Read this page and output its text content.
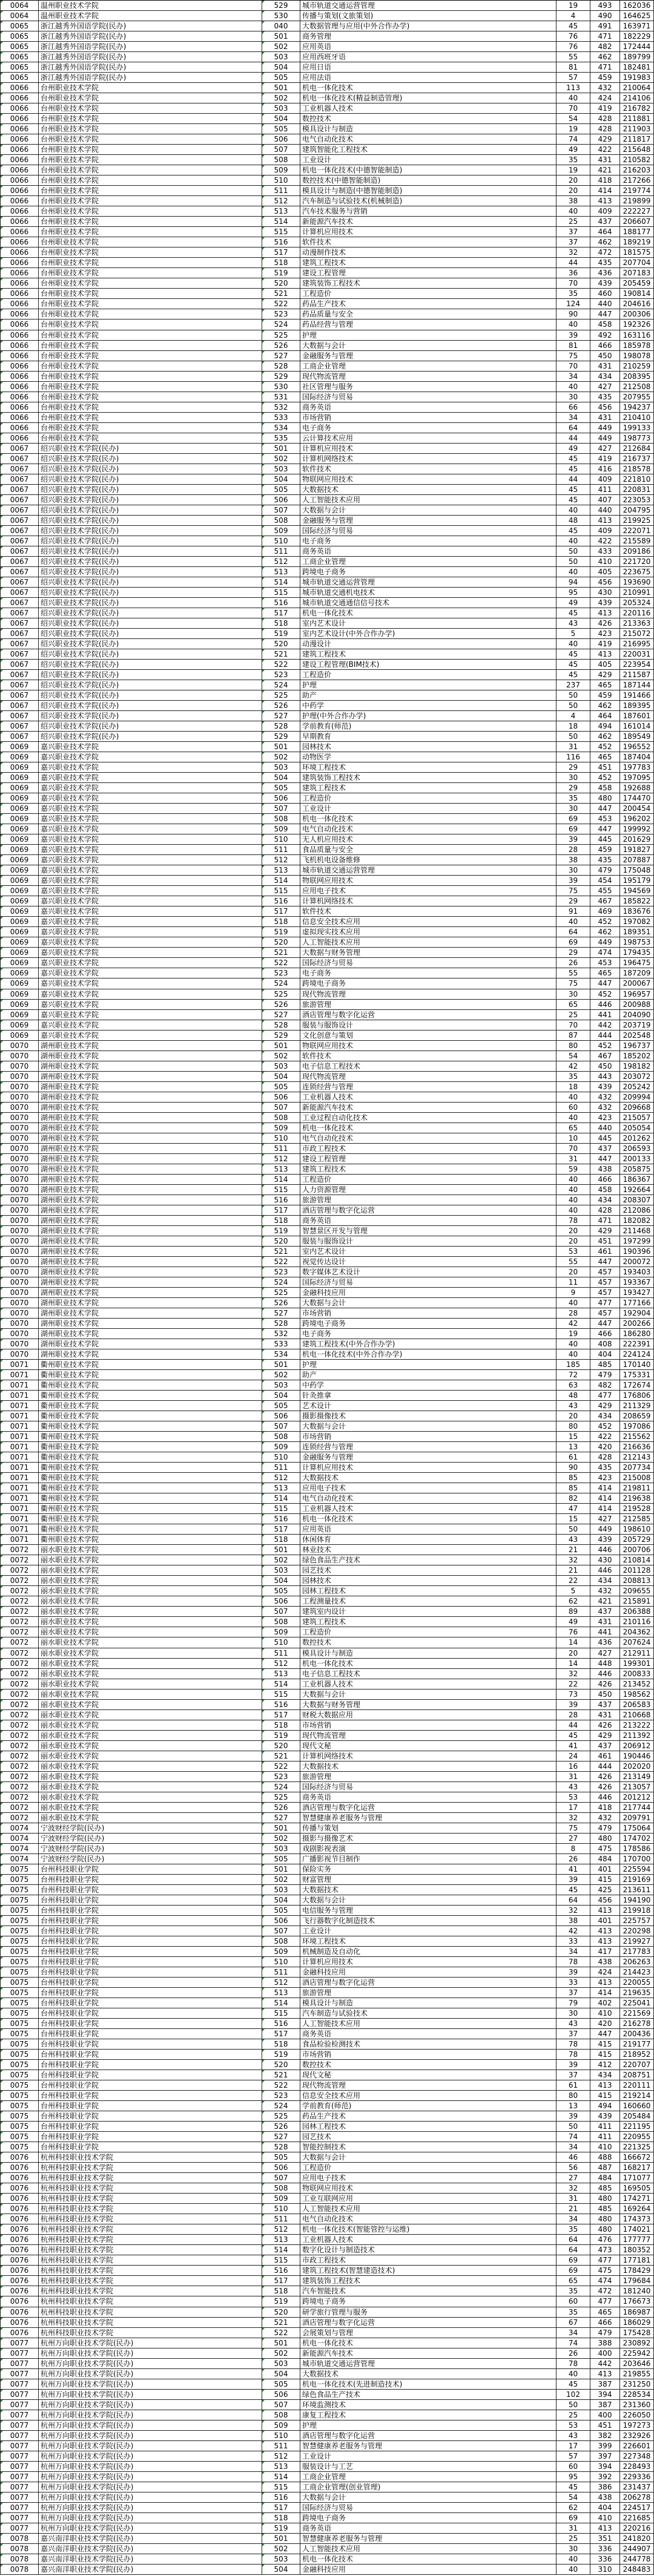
0064	温州职业技术学院	529	城市轨道交通运营管理	19	493	162036
0064	温州职业技术学院	530	传播与策划(文旅策划)	4	490	164625
0065	浙江越秀外国语学院(民办)	040	大数据管理与应用(中外合作办学)	45	491	163971
0065	浙江越秀外国语学院(民办)	501	商务管理	76	471	182229
0065	浙江越秀外国语学院(民办)	502	应用英语	76	482	172444
0065	浙江越秀外国语学院(民办)	503	应用西班牙语	55	462	189799
0065	浙江越秀外国语学院(民办)	504	应用日语	81	471	182481
0065	浙江越秀外国语学院(民办)	505	应用法语	57	459	191983
0066	台州职业技术学院	501	机电一体化技术	113	432	210064
0066	台州职业技术学院	502	机电一体化技术(精益制造管理)	40	424	214106
0066	台州职业技术学院	503	工业机器人技术	70	419	216782
0066	台州职业技术学院	504	数控技术	54	428	211881
0066	台州职业技术学院	505	模具设计与制造	19	428	211903
0066	台州职业技术学院	506	电气自动化技术	74	429	211817
0066	台州职业技术学院	507	建筑智能化工程技术	49	422	215648
0066	台州职业技术学院	508	工业设计	35	431	210582
0066	台州职业技术学院	509	机电一体化技术(中德智能制造)	19	421	216203
0066	台州职业技术学院	510	数控技术(中德智能制造)	20	418	217266
0066	台州职业技术学院	511	模具设计与制造(中德智能制造)	20	414	219774
0066	台州职业技术学院	512	汽车制造与试验技术(机械制造)	38	413	219899
0066	台州职业技术学院	513	汽车技术服务与营销	40	409	222227
0066	台州职业技术学院	514	新能源汽车技术	25	437	206607
0066	台州职业技术学院	515	计算机应用技术	37	464	188177
0066	台州职业技术学院	516	软件技术	37	462	189219
0066	台州职业技术学院	517	动漫制作技术	32	472	181575
0066	台州职业技术学院	518	建筑工程技术	44	435	207704
0066	台州职业技术学院	519	建设工程管理	36	436	207183
0066	台州职业技术学院	520	建筑装饰工程技术	70	439	205459
0066	台州职业技术学院	521	工程造价	35	460	190814
0066	台州职业技术学院	522	药品生产技术	124	440	204616
0066	台州职业技术学院	523	药品质量与安全	90	447	200306
0066	台州职业技术学院	524	药品经营与管理	40	458	192326
0066	台州职业技术学院	525	护理	39	492	163116
0066	台州职业技术学院	526	大数据与会计	81	466	185978
0066	台州职业技术学院	527	金融服务与管理	75	450	198078
0066	台州职业技术学院	528	工商企业管理	70	431	210259
0066	台州职业技术学院	529	现代物流管理	34	434	208395
0066	台州职业技术学院	530	社区管理与服务	40	427	212508
0066	台州职业技术学院	531	国际经济与贸易	30	435	207955
0066	台州职业技术学院	532	商务英语	66	456	194237
0066	台州职业技术学院	533	市场营销	34	431	210410
0066	台州职业技术学院	534	电子商务	64	449	199133
0066	台州职业技术学院	535	云计算技术应用	44	449	198773
0067	绍兴职业技术学院(民办)	501	计算机应用技术	49	427	212684
0067	绍兴职业技术学院(民办)	502	计算机网络技术	45	419	216737
0067	绍兴职业技术学院(民办)	503	软件技术	45	416	218578
0067	绍兴职业技术学院(民办)	504	物联网应用技术	44	409	221810
0067	绍兴职业技术学院(民办)	505	大数据技术	45	411	220831
0067	绍兴职业技术学院(民办)	506	人工智能技术应用	45	407	223053
0067	绍兴职业技术学院(民办)	507	大数据与会计	40	440	204795
0067	绍兴职业技术学院(民办)	508	金融服务与管理	48	413	219925
0067	绍兴职业技术学院(民办)	509	国际经济与贸易	45	409	222071
0067	绍兴职业技术学院(民办)	510	电子商务	40	422	215589
0067	绍兴职业技术学院(民办)	511	商务英语	50	433	209186
0067	绍兴职业技术学院(民办)	512	工商企业管理	50	410	221720
0067	绍兴职业技术学院(民办)	513	跨境电子商务	40	405	223675
0067	绍兴职业技术学院(民办)	514	城市轨道交通运营管理	94	456	193690
0067	绍兴职业技术学院(民办)	515	城市轨道交通机电技术	95	430	210991
0067	绍兴职业技术学院(民办)	516	城市轨道交通通信信号技术	49	439	205324
0067	绍兴职业技术学院(民办)	517	机电一体化技术	45	413	220116
0067	绍兴职业技术学院(民办)	518	室内艺术设计	43	426	213363
0067	绍兴职业技术学院(民办)	519	室内艺术设计(中外合作办学)	5	423	215072
0067	绍兴职业技术学院(民办)	520	动漫设计	40	419	216995
0067	绍兴职业技术学院(民办)	521	建筑工程技术	45	413	220031
0067	绍兴职业技术学院(民办)	522	建设工程管理(BIM技术)	45	405	223954
0067	绍兴职业技术学院(民办)	523	工程造价	45	429	211587
0067	绍兴职业技术学院(民办)	524	护理	237	465	187144
0067	绍兴职业技术学院(民办)	525	助产	50	459	191466
0067	绍兴职业技术学院(民办)	526	中药学	50	462	189395
0067	绍兴职业技术学院(民办)	527	护理(中外合作办学)	4	464	187601
0067	绍兴职业技术学院(民办)	528	学前教育(师范)	18	494	161014
0067	绍兴职业技术学院(民办)	529	早期教育	50	462	189549
0069	嘉兴职业技术学院	501	园林技术	31	452	196552
0069	嘉兴职业技术学院	502	动物医学	116	465	187404
0069	嘉兴职业技术学院	503	环境工程技术	29	451	197783
0069	嘉兴职业技术学院	504	建筑装饰工程技术	30	452	197095
0069	嘉兴职业技术学院	505	建筑工程技术	29	458	192688
0069	嘉兴职业技术学院	506	工程造价	35	480	174470
0069	嘉兴职业技术学院	507	工业设计	30	447	200454
0069	嘉兴职业技术学院	508	机电一体化技术	69	453	196202
0069	嘉兴职业技术学院	509	电气自动化技术	69	447	199992
0069	嘉兴职业技术学院	510	无人机应用技术	39	445	201629
0069	嘉兴职业技术学院	511	食品质量与安全	28	459	191827
0069	嘉兴职业技术学院	512	飞机机电设备维修	38	435	207887
0069	嘉兴职业技术学院	513	城市轨道交通运营管理	30	479	175048
0069	嘉兴职业技术学院	514	物联网应用技术	39	454	195179
0069	嘉兴职业技术学院	515	应用电子技术	75	455	194569
0069	嘉兴职业技术学院	516	计算机网络技术	29	467	185822
0069	嘉兴职业技术学院	517	软件技术	91	469	183676
0069	嘉兴职业技术学院	518	信息安全技术应用	40	452	197082
0069	嘉兴职业技术学院	519	虚拟现实技术应用	64	462	189351
0069	嘉兴职业技术学院	520	人工智能技术应用	69	449	198753
0069	嘉兴职业技术学院	521	大数据与财务管理	29	474	179435
0069	嘉兴职业技术学院	522	国际经济与贸易	26	453	196475
0069	嘉兴职业技术学院	523	电子商务	55	465	187209
0069	嘉兴职业技术学院	524	跨境电子商务	75	447	200067
0069	嘉兴职业技术学院	525	现代物流管理	30	452	196957
0069	嘉兴职业技术学院	526	旅游管理	65	446	200988
0069	嘉兴职业技术学院	527	酒店管理与数字化运营	25	441	204090
0069	嘉兴职业技术学院	528	服装与服饰设计	70	442	203719
0069	嘉兴职业技术学院	529	文化创意与策划	87	444	202548
0070	湖州职业技术学院	501	物联网应用技术	80	452	196737
0070	湖州职业技术学院	502	软件技术	54	467	185202
0070	湖州职业技术学院	503	电子信息工程技术	42	450	198182
0070	湖州职业技术学院	504	现代物流管理	35	443	203072
0070	湖州职业技术学院	505	连锁经营与管理	18	439	205242
0070	湖州职业技术学院	506	工业机器人技术	40	432	209994
0070	湖州职业技术学院	507	新能源汽车技术	60	432	209668
0070	湖州职业技术学院	508	工业过程自动化技术	40	423	215057
0070	湖州职业技术学院	509	机电一体化技术	65	440	205054
0070	湖州职业技术学院	510	电气自动化技术	10	445	201262
0070	湖州职业技术学院	511	市政工程技术	70	437	206593
0070	湖州职业技术学院	512	建设工程管理	31	447	200133
0070	湖州职业技术学院	513	建筑工程技术	59	438	205875
0070	湖州职业技术学院	514	工程造价	40	466	186367
0070	湖州职业技术学院	515	人力资源管理	40	458	192664
0070	湖州职业技术学院	516	旅游管理	40	434	208307
0070	湖州职业技术学院	517	酒店管理与数字化运营	40	428	212086
0070	湖州职业技术学院	518	商务英语	78	471	182082
0070	湖州职业技术学院	519	智慧景区开发与管理	20	429	211468
0070	湖州职业技术学院	520	服装与服饰设计	20	451	197299
0070	湖州职业技术学院	521	室内艺术设计	53	461	190396
0070	湖州职业技术学院	522	视觉传达设计	55	447	200072
0070	湖州职业技术学院	523	数字媒体艺术设计	20	457	193403
0070	湖州职业技术学院	524	国际经济与贸易	11	457	193367
0070	湖州职业技术学院	525	金融科技应用	9	457	193427
0070	湖州职业技术学院	526	大数据与会计	40	477	177166
0070	湖州职业技术学院	527	市场营销	28	457	192904
0070	湖州职业技术学院	528	跨境电子商务	42	447	200266
0070	湖州职业技术学院	532	电子商务	19	466	186280
0070	湖州职业技术学院	533	建筑工程技术(中外合作办学)	40	408	222391
0070	湖州职业技术学院	534	机电一体化技术(中外合作办学)	40	404	224124
0071	衢州职业技术学院	501	护理	185	485	170140
0071	衢州职业技术学院	502	助产	72	479	175331
0071	衢州职业技术学院	503	中药学	63	482	172674
0071	衢州职业技术学院	504	针灸推拿	48	477	176806
0071	衢州职业技术学院	505	艺术设计	43	429	211329
0071	衢州职业技术学院	506	摄影摄像技术	20	434	208659
0071	衢州职业技术学院	507	大数据与会计	80	452	197086
0071	衢州职业技术学院	508	市场营销	15	422	215562
0071	衢州职业技术学院	509	连锁经营与管理	13	420	216636
0071	衢州职业技术学院	510	金融服务与管理	61	428	212143
0071	衢州职业技术学院	511	计算机应用技术	90	435	207734
0071	衢州职业技术学院	512	大数据技术	85	423	215008
0071	衢州职业技术学院	513	应用电子技术	85	414	219811
0071	衢州职业技术学院	514	电气自动化技术	82	414	219638
0071	衢州职业技术学院	515	工业机器人技术	47	414	219528
0071	衢州职业技术学院	516	机电一体化技术	15	427	212585
0071	衢州职业技术学院	517	应用英语	50	449	198610
0071	衢州职业技术学院	518	休闲体育	43	439	205729
0072	丽水职业技术学院	501	林业技术	21	446	200706
0072	丽水职业技术学院	502	绿色食品生产技术	32	430	210814
0072	丽水职业技术学院	503	园艺技术	21	446	201128
0072	丽水职业技术学院	504	园林技术	22	434	208813
0072	丽水职业技术学院	505	园林工程技术	5	432	209655
0072	丽水职业技术学院	506	工程测量技术	62	421	215891
0072	丽水职业技术学院	507	建筑室内设计	89	437	206388
0072	丽水职业技术学院	508	建筑工程技术	49	431	210116
0072	丽水职业技术学院	509	工程造价	76	441	204362
0072	丽水职业技术学院	510	数控技术	14	436	207624
0072	丽水职业技术学院	511	模具设计与制造	20	427	212911
0072	丽水职业技术学院	512	机电一体化技术	14	448	199301
0072	丽水职业技术学院	513	电子信息工程技术	32	446	200833
0072	丽水职业技术学院	514	工业机器人技术	22	426	213452
0072	丽水职业技术学院	515	大数据与会计	73	450	198562
0072	丽水职业技术学院	516	大数据与财务管理	39	437	206583
0072	丽水职业技术学院	517	财税大数据应用	28	431	210668
0072	丽水职业技术学院	518	市场营销	44	426	213222
0072	丽水职业技术学院	519	现代物流管理	45	429	211392
0072	丽水职业技术学院	520	现代文秘	41	437	206912
0072	丽水职业技术学院	521	计算机网络技术	24	461	190446
0072	丽水职业技术学院	522	大数据技术	16	444	202020
0072	丽水职业技术学院	523	旅游管理	31	426	213149
0072	丽水职业技术学院	524	国际经济与贸易	43	426	213057
0072	丽水职业技术学院	525	商务英语	53	446	201212
0072	丽水职业技术学院	526	酒店管理与数字化运营	17	418	217744
0072	丽水职业技术学院	527	智慧健康养老服务与管理	32	432	209791
0074	宁波财经学院(民办)	501	传播与策划	75	479	175064
0074	宁波财经学院(民办)	502	摄影与摄像艺术	27	480	174702
0074	宁波财经学院(民办)	503	戏剧影视表演	8	475	178586
0074	宁波财经学院(民办)	505	广播影视节目制作	26	484	170700
0075	台州科技职业学院	501	保险实务	41	401	225594
0075	台州科技职业学院	502	财富管理	39	415	219169
0075	台州科技职业学院	503	大数据技术	45	425	213611
0075	台州科技职业学院	504	大数据与会计	64	456	194190
0075	台州科技职业学院	505	电信服务与管理	32	413	219918
0075	台州科技职业学院	506	飞行器数字化制造技术	38	401	225757
0075	台州科技职业学院	507	工业设计	42	413	220298
0075	台州科技职业学院	508	环境工程技术	33	413	219927
0075	台州科技职业学院	509	机械制造及自动化	34	417	217783
0075	台州科技职业学院	510	计算机应用技术	78	438	206263
0075	台州科技职业学院	511	金融科技应用	39	424	214423
0075	台州科技职业学院	512	酒店管理与数字化运营	33	413	220055
0075	台州科技职业学院	513	旅游管理	37	414	219635
0075	台州科技职业学院	514	模具设计与制造	79	402	225041
0075	台州科技职业学院	515	汽车制造与试验技术	30	410	221569
0075	台州科技职业学院	516	人工智能技术应用	43	420	216278
0075	台州科技职业学院	517	商务英语	37	447	200436
0075	台州科技职业学院	518	食品检验检测技术	78	415	219177
0075	台州科技职业学院	519	市场营销	78	415	218952
0075	台州科技职业学院	520	数控技术	39	412	220707
0075	台州科技职业学院	521	现代文秘	37	434	208751
0075	台州科技职业学院	522	现代物流管理	61	413	220111
0075	台州科技职业学院	523	信息安全技术应用	80	415	219214
0075	台州科技职业学院	524	学前教育(师范)	13	494	160660
0075	台州科技职业学院	525	药品生产技术	39	439	205484
0075	台州科技职业学院	526	园林工程技术	50	411	221195
0075	台州科技职业学院	527	园艺技术	74	411	220955
0075	台州科技职业学院	528	智能控制技术	34	410	221325
0076	杭州科技职业技术学院	505	大数据与会计	46	488	166672
0076	杭州科技职业技术学院	506	工程造价	56	487	168217
0076	杭州科技职业技术学院	507	应用电子技术	27	484	171077
0076	杭州科技职业技术学院	508	物联网应用技术	32	485	169505
0076	杭州科技职业技术学院	509	工业互联网应用	31	480	174271
0076	杭州科技职业技术学院	510	人工智能技术应用	21	485	169264
0076	杭州科技职业技术学院	511	电气自动化技术	34	480	174373
0076	杭州科技职业技术学院	512	机电一体化技术(智能管控与运维)	35	480	174021
0076	杭州科技职业技术学院	513	工业机器人技术	64	476	177777
0076	杭州科技职业技术学院	514	数字化设计与制造技术	64	473	180352
0076	杭州科技职业技术学院	515	市政工程技术	69	477	177181
0076	杭州科技职业技术学院	516	建筑工程技术(智慧建造技术)	69	475	178429
0076	杭州科技职业技术学院	517	建筑装饰工程技术	65	474	179684
0076	杭州科技职业技术学院	518	汽车智能技术	35	472	181240
0076	杭州科技职业技术学院	519	跨境电子商务	60	477	176673
0076	杭州科技职业技术学院	520	研学旅行管理与服务	35	465	186987
0076	杭州科技职业技术学院	521	酒店管理与数字化运营	67	466	186029
0076	杭州科技职业技术学院	522	会展策划与管理	34	479	175428
0077	杭州万向职业技术学院(民办)	501	机电一体化技术	74	388	230892
0077	杭州万向职业技术学院(民办)	502	新能源汽车技术	26	400	225942
0077	杭州万向职业技术学院(民办)	503	城市轨道交通运营管理	78	442	203646
0077	杭州万向职业技术学院(民办)	504	大数据技术	40	413	219855
0077	杭州万向职业技术学院(民办)	505	机电一体化技术(先进制造技术)	45	387	231250
0077	杭州万向职业技术学院(民办)	506	绿色食品生产技术	102	394	228534
0077	杭州万向职业技术学院(民办)	507	环境监测技术	50	387	231360
0077	杭州万向职业技术学院(民办)	508	康复工程技术	25	400	226050
0077	杭州万向职业技术学院(民办)	509	护理	53	451	197273
0077	杭州万向职业技术学院(民办)	510	酒店管理与数字化运营	43	382	232926
0077	杭州万向职业技术学院(民办)	511	智慧健康养老服务与管理	17	399	226601
0077	杭州万向职业技术学院(民办)	512	工业设计	57	397	227348
0077	杭州万向职业技术学院(民办)	513	服装设计与工艺	60	394	228493
0077	杭州万向职业技术学院(民办)	514	工商企业管理	95	392	229336
0077	杭州万向职业技术学院(民办)	515	工商企业管理(创业管理)	45	386	231437
0077	杭州万向职业技术学院(民办)	516	大数据与会计	54	438	206278
0077	杭州万向职业技术学院(民办)	517	国际经济与贸易	62	404	224517
0077	杭州万向职业技术学院(民办)	518	跨境电子商务	69	410	221685
0077	杭州万向职业技术学院(民办)	519	商务英语	31	413	220216
0078	嘉兴南洋职业技术学院(民办)	501	智慧健康养老服务与管理	25	351	241820
0078	嘉兴南洋职业技术学院(民办)	502	人工智能技术应用	30	336	244907
0078	嘉兴南洋职业技术学院(民办)	503	机电一体化技术	40	336	244778
0078	嘉兴南洋职业技术学院(民办)	504	金融科技应用	40	310	248483
